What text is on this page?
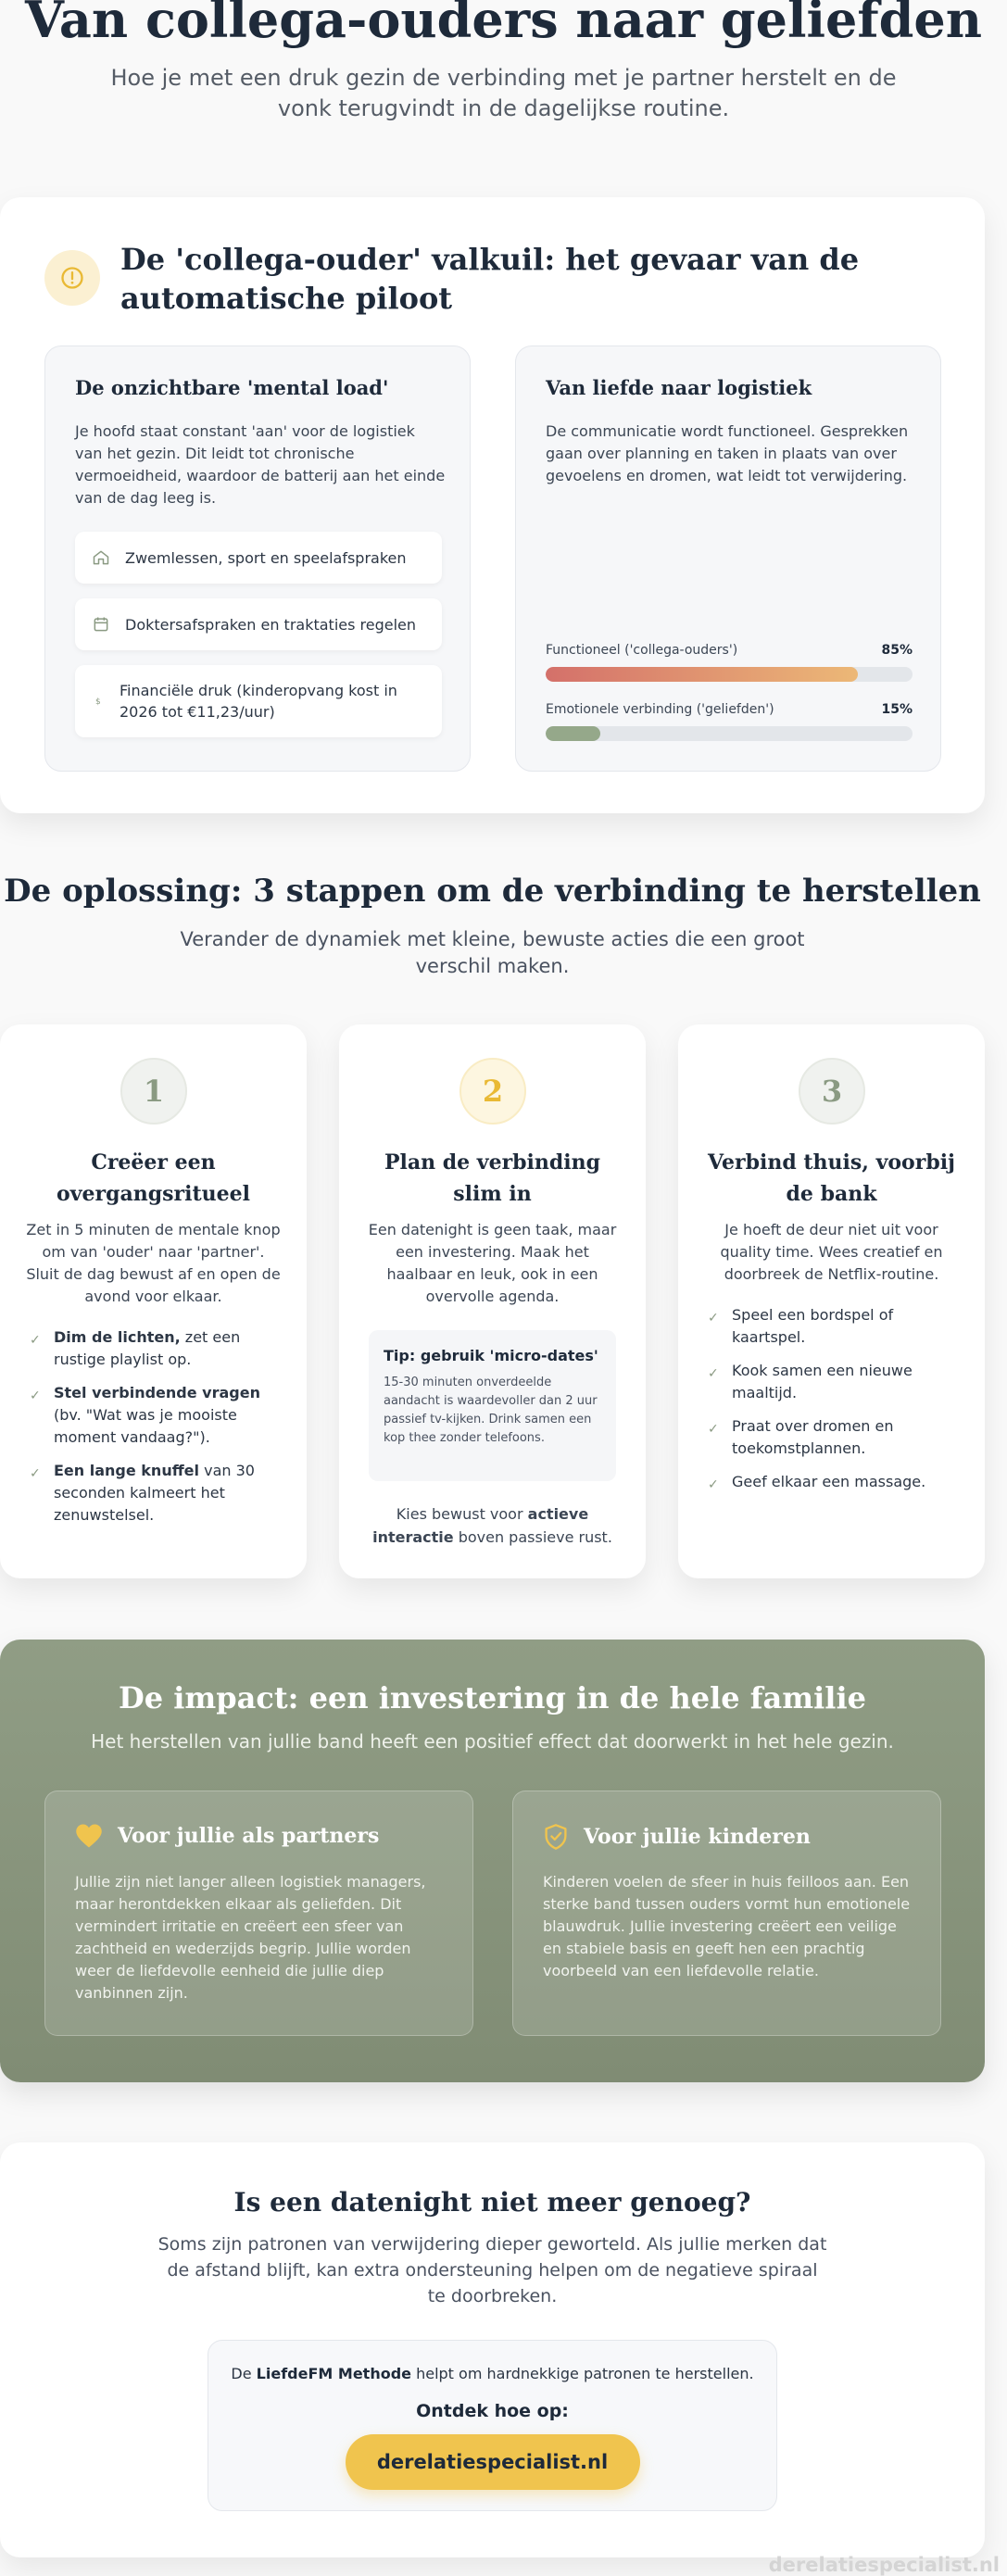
Van collega-ouders naar geliefden

Hoe je met een druk gezin de verbinding met je partner herstelt en de vonk terugvindt in de dagelijkse routine.

De 'collega-ouder' valkuil: het gevaar van de automatische piloot
De onzichtbare 'mental load'
Je hoofd staat constant 'aan' voor de logistiek van het gezin. Dit leidt tot chronische vermoeidheid, waardoor de batterij aan het einde van de dag leeg is.
Zwemlessen, sport en speelafspraken
Doktersafspraken en traktaties regelen
$
Financiële druk (kinderopvang kost in 2026 tot €11,23/uur)
Van liefde naar logistiek
De communicatie wordt functioneel. Gesprekken gaan over planning en taken in plaats van over gevoelens en dromen, wat leidt tot verwijdering.
Functioneel ('collega-ouders')	85%
Emotionele verbinding ('geliefden')	15%
De oplossing: 3 stappen om de verbinding te herstellen

Verander de dynamiek met kleine, bewuste acties die een groot verschil maken.

1
Creëer een overgangsritueel
Zet in 5 minuten de mentale knop om van 'ouder' naar 'partner'. Sluit de dag bewust af en open de avond voor elkaar.
✓ Dim de lichten, zet een rustige playlist op.
✓ Stel verbindende vragen (bv. "Wat was je mooiste moment vandaag?").
✓ Een lange knuffel van 30 seconden kalmeert het zenuwstelsel.
2
Plan de verbinding slim in
Een datenight is geen taak, maar een investering. Maak het haalbaar en leuk, ook in een overvolle agenda.
Tip: gebruik 'micro-dates'
15-30 minuten onverdeelde aandacht is waardevoller dan 2 uur passief tv-kijken. Drink samen een kop thee zonder telefoons.
Kies bewust voor actieve interactie boven passieve rust.
3
Verbind thuis, voorbij de bank
Je hoeft de deur niet uit voor quality time. Wees creatief en doorbreek de Netflix-routine.
✓ Speel een bordspel of kaartspel.
✓ Kook samen een nieuwe maaltijd.
✓ Praat over dromen en toekomstplannen.
✓ Geef elkaar een massage.
De impact: een investering in de hele familie
Het herstellen van jullie band heeft een positief effect dat doorwerkt in het hele gezin.
Voor jullie als partners
Jullie zijn niet langer alleen logistiek managers, maar herontdekken elkaar als geliefden. Dit vermindert irritatie en creëert een sfeer van zachtheid en wederzijds begrip. Jullie worden weer de liefdevolle eenheid die jullie diep vanbinnen zijn.
Voor jullie kinderen
Kinderen voelen de sfeer in huis feilloos aan. Een sterke band tussen ouders vormt hun emotionele blauwdruk. Jullie investering creëert een veilige en stabiele basis en geeft hen een prachtig voorbeeld van een liefdevolle relatie.
Is een datenight niet meer genoeg?
Soms zijn patronen van verwijdering dieper geworteld. Als jullie merken dat de afstand blijft, kan extra ondersteuning helpen om de negatieve spiraal te doorbreken.
De LiefdeFM Methode helpt om hardnekkige patronen te herstellen.
Ontdek hoe op:
derelatiespecialist.nl
derelatiespecialist.nl
